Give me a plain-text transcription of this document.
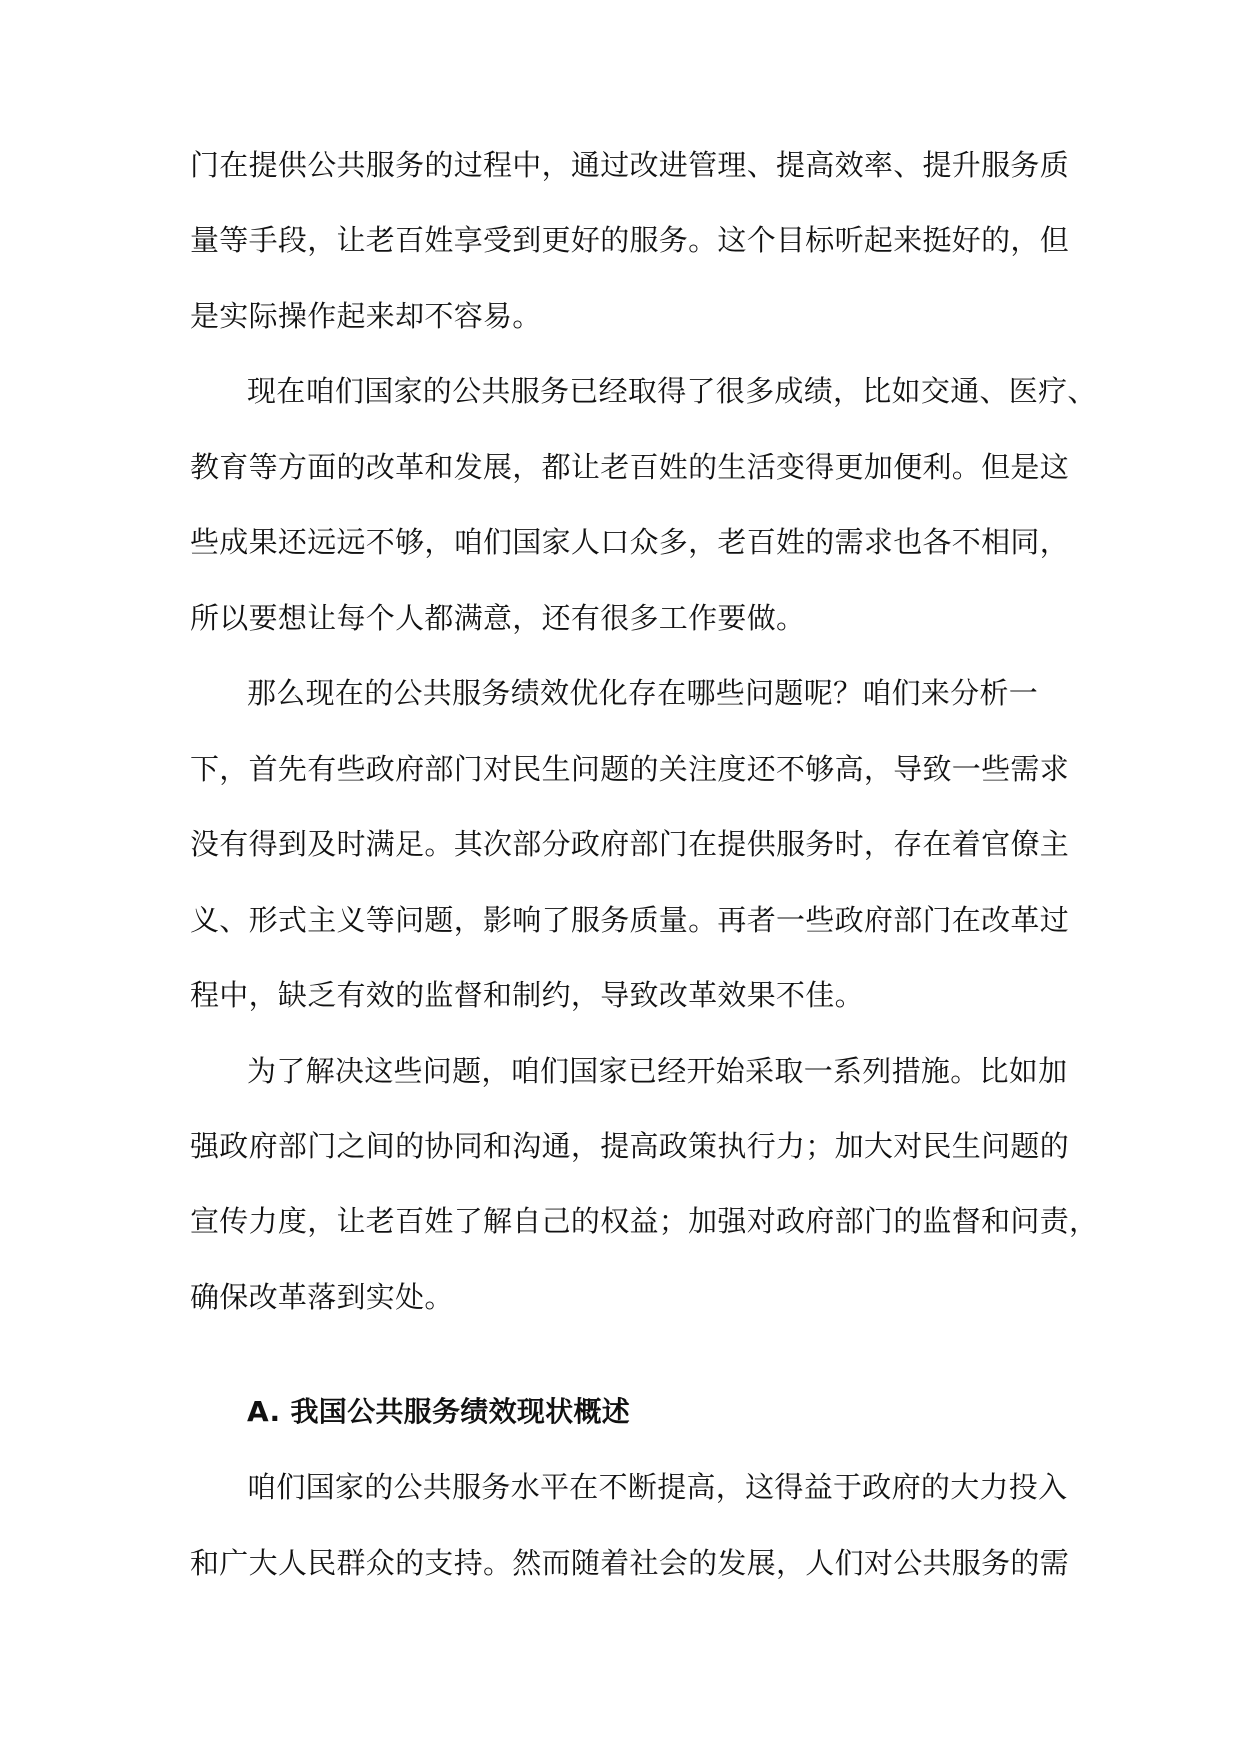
门在提供公共服务的过程中，通过改进管理、提高效率、提升服务质
量等手段，让老百姓享受到更好的服务。这个目标听起来挺好的，但
是实际操作起来却不容易。
现在咱们国家的公共服务已经取得了很多成绩，比如交通、医疗、
教育等方面的改革和发展，都让老百姓的生活变得更加便利。但是这
些成果还远远不够，咱们国家人口众多，老百姓的需求也各不相同，
所以要想让每个人都满意，还有很多工作要做。
那么现在的公共服务绩效优化存在哪些问题呢？咱们来分析一
下，首先有些政府部门对民生问题的关注度还不够高，导致一些需求
没有得到及时满足。其次部分政府部门在提供服务时，存在着官僚主
义、形式主义等问题，影响了服务质量。再者一些政府部门在改革过
程中，缺乏有效的监督和制约，导致改革效果不佳。
为了解决这些问题，咱们国家已经开始采取一系列措施。比如加
强政府部门之间的协同和沟通，提高政策执行力；加大对民生问题的
宣传力度，让老百姓了解自己的权益；加强对政府部门的监督和问责，
确保改革落到实处。
A. 我国公共服务绩效现状概述
咱们国家的公共服务水平在不断提高，这得益于政府的大力投入
和广大人民群众的支持。然而随着社会的发展，人们对公共服务的需
